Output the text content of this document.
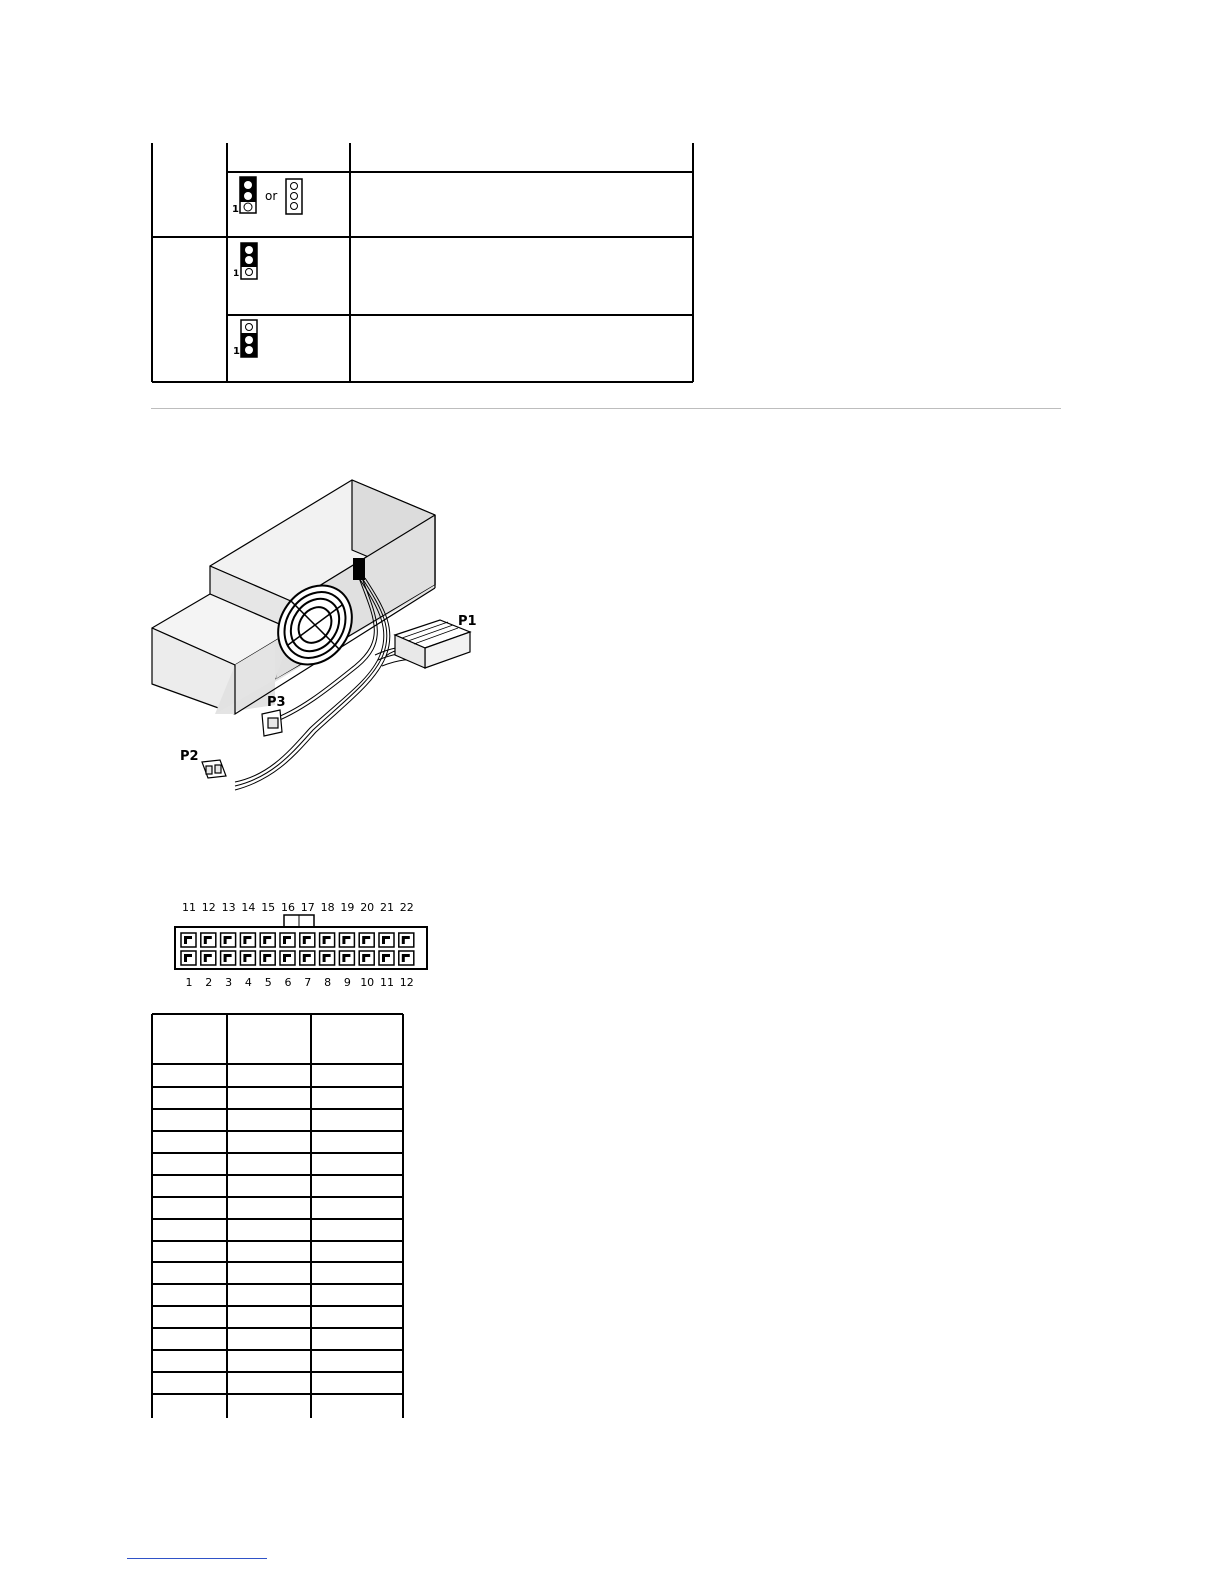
1
or
1
1
P1
P3
P2
11 12 13 14 15 16 17 18 19 20 21 22
1 2 3 4 5 6 7 8 9 10 11 12
